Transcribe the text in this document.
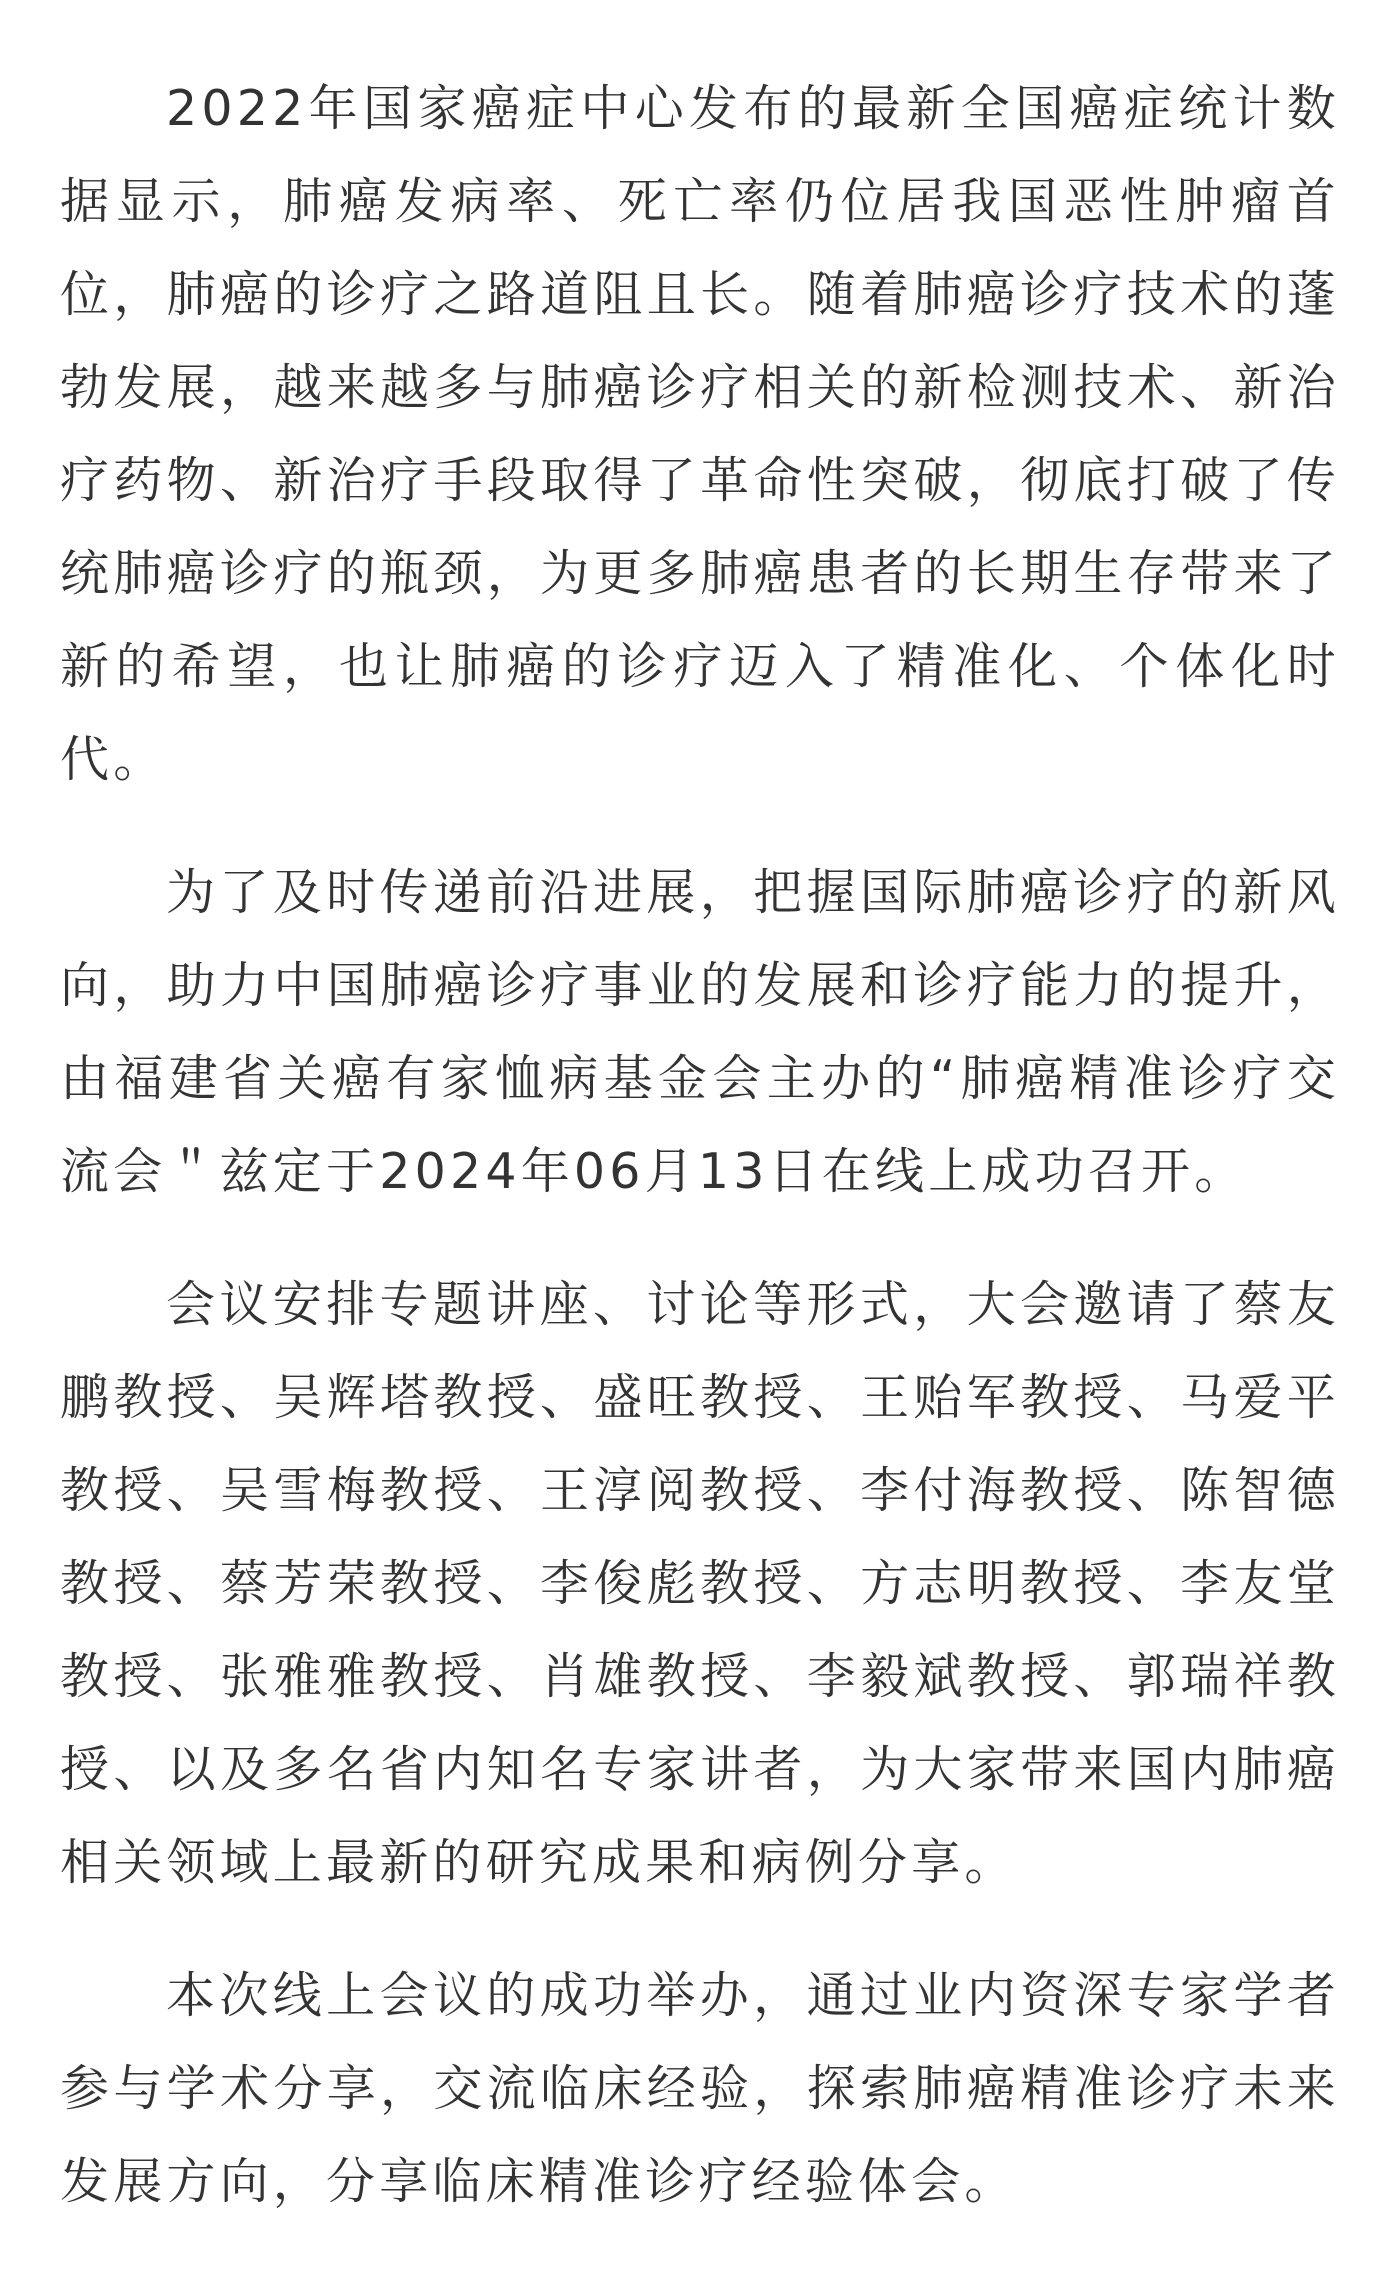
2022年国家癌症中心发布的最新全国癌症统计数据显示，肺癌发病率、死亡率仍位居我国恶性肿瘤首位，肺癌的诊疗之路道阻且长。随着肺癌诊疗技术的蓬勃发展，越来越多与肺癌诊疗相关的新检测技术、新治疗药物、新治疗手段取得了革命性突破，彻底打破了传统肺癌诊疗的瓶颈，为更多肺癌患者的长期生存带来了新的希望，也让肺癌的诊疗迈入了精准化、个体化时代。

为了及时传递前沿进展，把握国际肺癌诊疗的新风向，助力中国肺癌诊疗事业的发展和诊疗能力的提升，由福建省关癌有家恤病基金会主办的“肺癌精准诊疗交流会＂兹定于2024年06月13日在线上成功召开。

会议安排专题讲座、讨论等形式，大会邀请了蔡友鹏教授、吴辉塔教授、盛旺教授、王贻军教授、马爱平教授、吴雪梅教授、王淳阅教授、李付海教授、陈智德教授、蔡芳荣教授、李俊彪教授、方志明教授、李友堂教授、张雅雅教授、肖雄教授、李毅斌教授、郭瑞祥教授、以及多名省内知名专家讲者，为大家带来国内肺癌相关领域上最新的研究成果和病例分享。

本次线上会议的成功举办，通过业内资深专家学者参与学术分享，交流临床经验，探索肺癌精准诊疗未来发展方向，分享临床精准诊疗经验体会。
